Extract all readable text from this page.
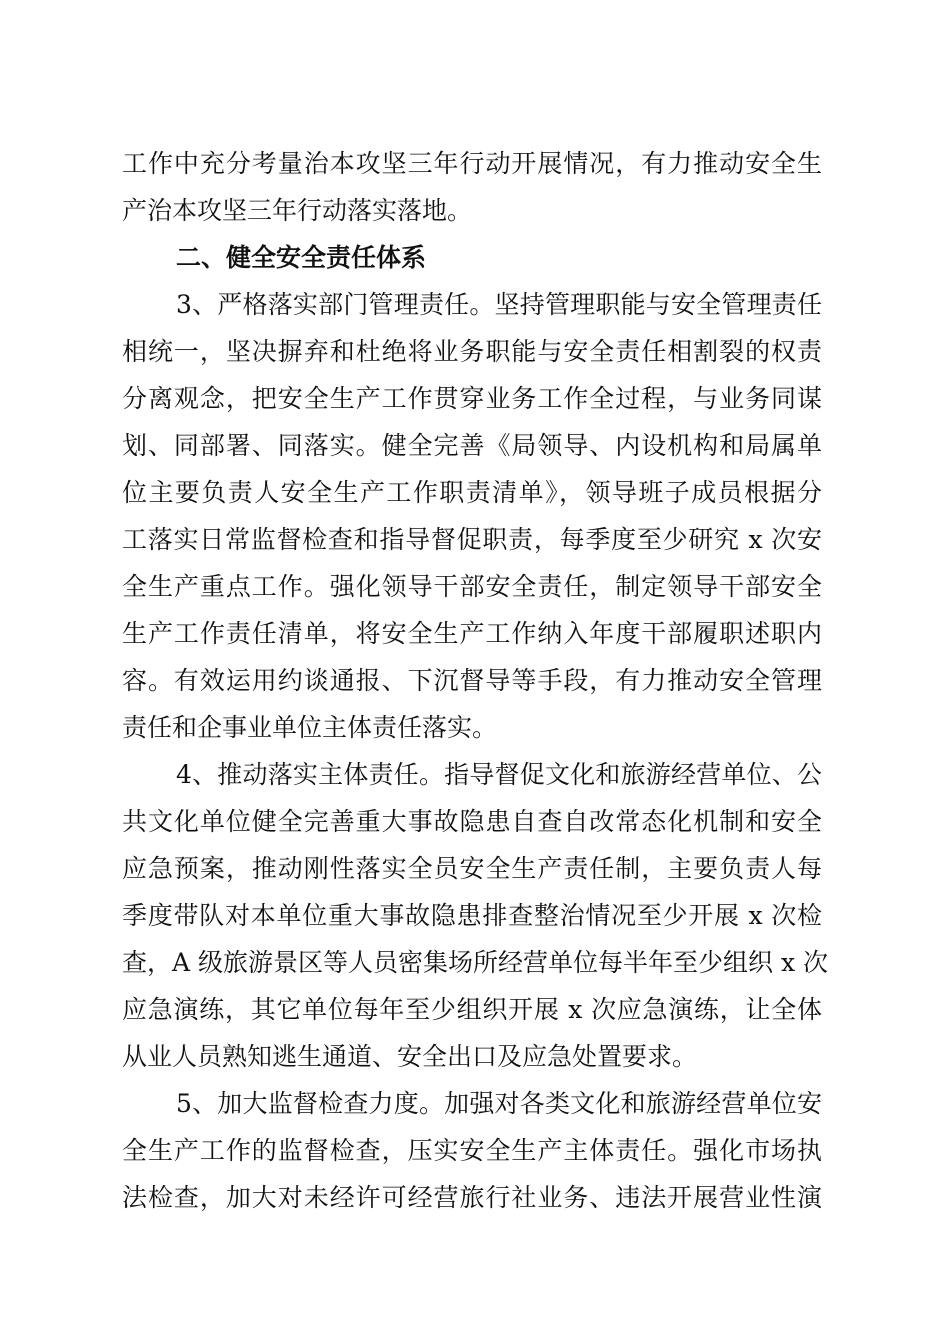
工作中充分考量治本攻坚三年行动开展情况，有力推动安全生
产治本攻坚三年行动落实落地。
二、健全安全责任体系
3、严格落实部门管理责任。坚持管理职能与安全管理责任
相统一，坚决摒弃和杜绝将业务职能与安全责任相割裂的权责
分离观念，把安全生产工作贯穿业务工作全过程，与业务同谋
划、同部署、同落实。健全完善《局领导、内设机构和局属单
位主要负责人安全生产工作职责清单》，领导班子成员根据分
工落实日常监督检查和指导督促职责，每季度至少研究 x 次安
全生产重点工作。强化领导干部安全责任，制定领导干部安全
生产工作责任清单，将安全生产工作纳入年度干部履职述职内
容。有效运用约谈通报、下沉督导等手段，有力推动安全管理
责任和企事业单位主体责任落实。
4、推动落实主体责任。指导督促文化和旅游经营单位、公
共文化单位健全完善重大事故隐患自查自改常态化机制和安全
应急预案，推动刚性落实全员安全生产责任制，主要负责人每
季度带队对本单位重大事故隐患排查整治情况至少开展 x 次检
查，A 级旅游景区等人员密集场所经营单位每半年至少组织 x 次
应急演练，其它单位每年至少组织开展 x 次应急演练，让全体
从业人员熟知逃生通道、安全出口及应急处置要求。
5、加大监督检查力度。加强对各类文化和旅游经营单位安
全生产工作的监督检查，压实安全生产主体责任。强化市场执
法检查，加大对未经许可经营旅行社业务、违法开展营业性演
